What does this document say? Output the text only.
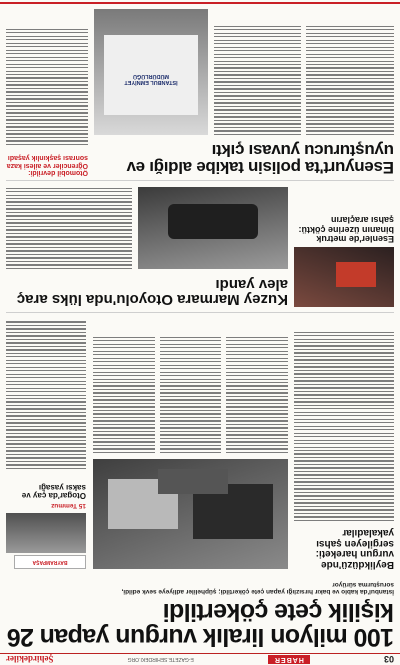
03
HABER
E-GAZETE.SEHIRDEKI.ORG
Şehirdekiler
100 milyon liralık vurgun yapan 26 kişilik çete çökertildi
İstanbul'da kablo ve bakır hırsızlığı yapan çete çökertildi; şüpheliler adliyeye sevk edildi, soruşturma sürüyor
Beylikdüzü'nde vurgun hareketi: sergileyen şahsı yakaladılar
BAYRAMPAŞA
15 Temmuz
Otogar'da çay ve saksı yasağı
Kuzey Marmara Otoyolu'nda lüks araç alev yandı
Esenler'de metruk binanın üzerine çöktü: şahsı araçların
Esenyurt'ta polisin takibe aldığı ev uyuşturucu yuvası çıktı
Otomobil devrildi: Öğrenciler ve ailesi kaza sonrası şaşkınlık yaşadı
İSTANBUL EMNİYET MÜDÜRLÜĞÜ
